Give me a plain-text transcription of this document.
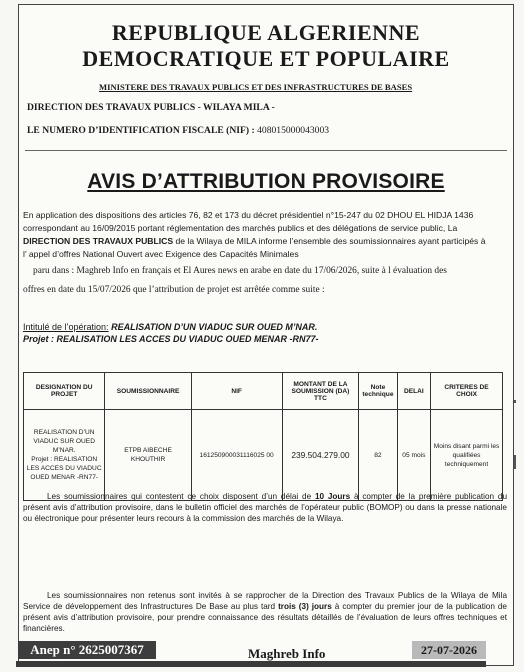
REPUBLIQUE ALGERIENNE
DEMOCRATIQUE ET POPULAIRE
MINISTERE DES TRAVAUX PUBLICS ET DES INFRASTRUCTURES DE BASES
DIRECTION DES TRAVAUX PUBLICS - WILAYA MILA -
LE NUMERO D’IDENTIFICATION FISCALE (NIF) : 408015000043003
AVIS D’ATTRIBUTION PROVISOIRE
En application des dispositions des articles 76, 82 et 173 du décret présidentiel n°15-247 du 02 DHOU EL HIDJA 1436
correspondant au 16/09/2015 portant réglementation des marchés publics et des délégations de service public, La
DIRECTION DES TRAVAUX PUBLICS de la Wilaya de MILA informe l’ensemble des soumissionnaires ayant participés à
l’ appel d’offres National Ouvert avec Exigence des Capacités Minimales
paru dans : Maghreb Info en français et El Aures news en arabe en date du 17/06/2026, suite à l évaluation des
offres en date du 15/07/2026 que l’attribution de projet est arrêtée comme suite :
Intitulé de l’opération: REALISATION D’UN VIADUC SUR OUED M’NAR.
Projet : REALISATION LES ACCES DU VIADUC OUED MENAR -RN77-
DESIGNATION DU PROJET	SOUMISSIONNAIRE	NIF	MONTANT DE LA SOUMISSION (DA) TTC	Note technique	DELAI	CRITERES DE CHOIX

REALISATION D’UN VIADUC SUR OUED M’NAR.
Projet : REALISATION LES ACCES DU VIADUC OUED MENAR -RN77-	ETPB AIBECHE KHOUTHIR	161250900031116025 00	239.504.279.00	82	05 mois	Moins disant parmi les qualifiées techniquement
Les soumissionnaires qui contestent ce choix disposent d’un délai de 10 Jours à compter de la première publication du présent avis d’attribution provisoire, dans le bulletin officiel des marchés de l’opérateur public (BOMOP) ou dans la presse nationale ou électronique pour présenter leurs recours à la commission des marchés de la Wilaya.
Les soumissionnaires non retenus sont invités à se rapprocher de la Direction des Travaux Publics de la Wilaya de Mila Service de développement des Infrastructures De Base au plus tard trois (3) jours à compter du premier jour de la publication de présent avis d’attribution provisoire, pour prendre connaissance des résultats détaillés de l’évaluation de leurs offres techniques et financières.
Anep n° 2625007367	Maghreb Info	27-07-2026
